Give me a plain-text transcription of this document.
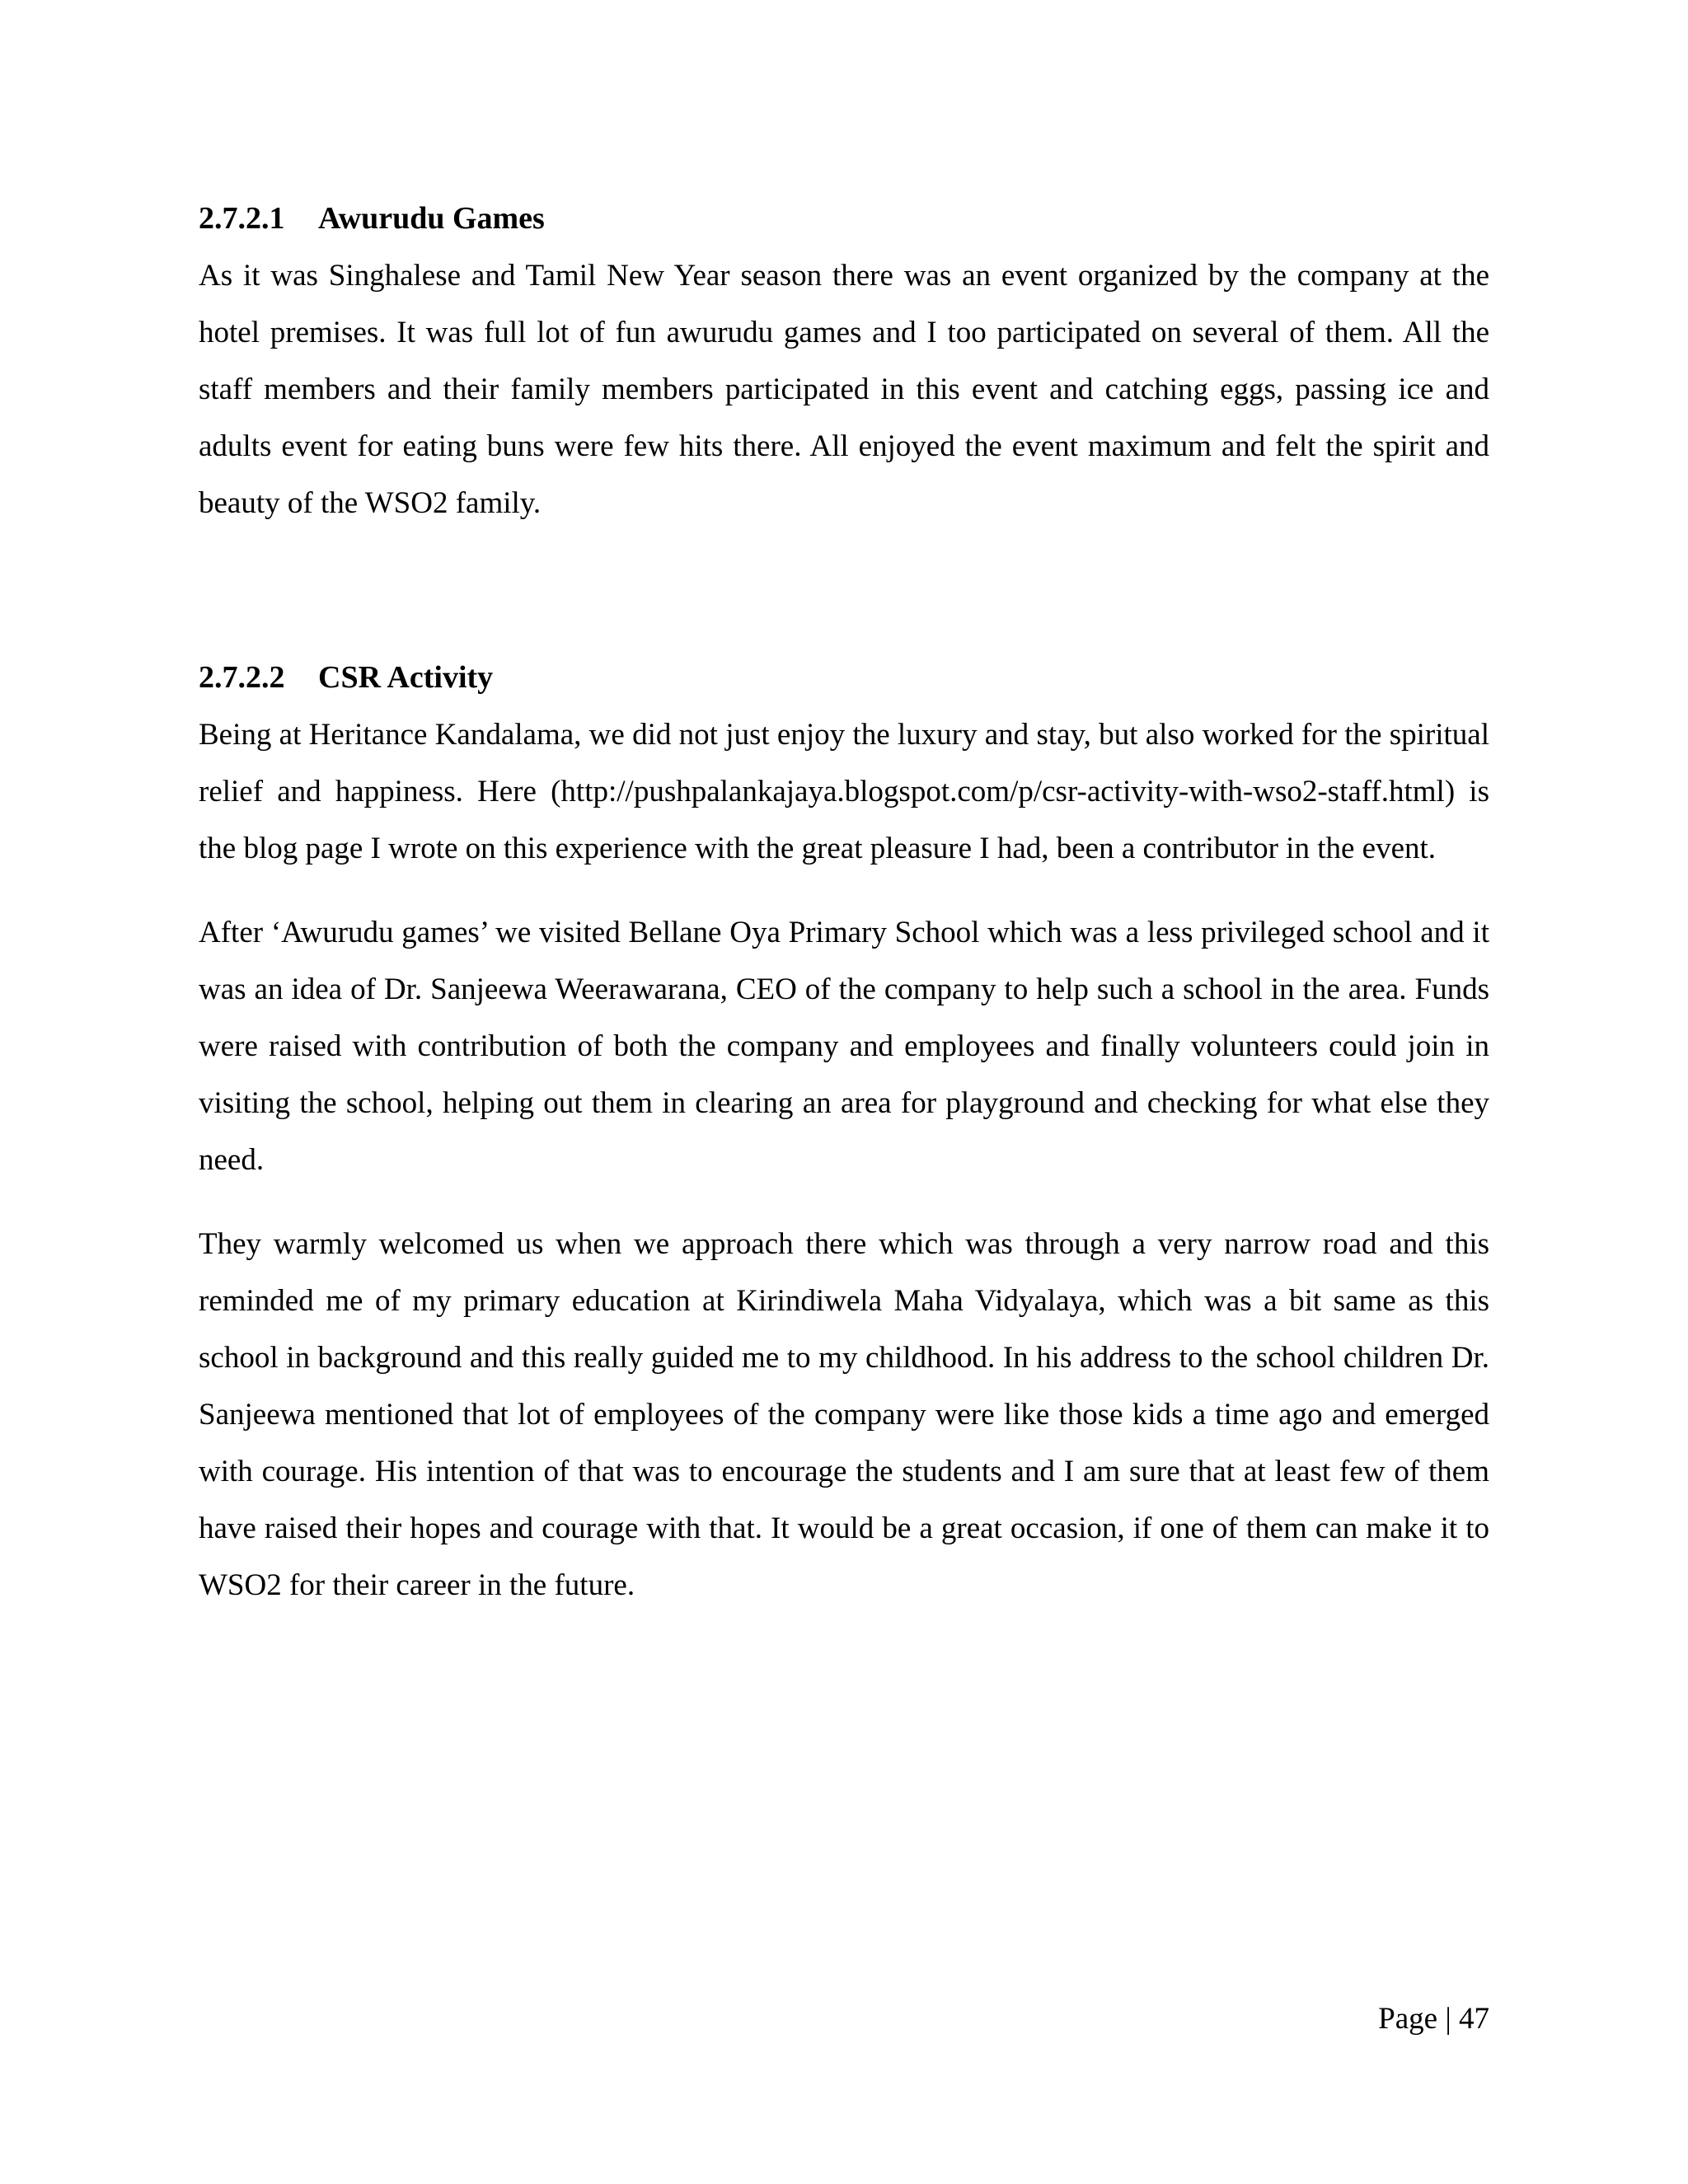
2.7.2.1 Awurudu Games

As it was Singhalese and Tamil New Year season there was an event organized by the company at the hotel premises. It was full lot of fun awurudu games and I too participated on several of them. All the staff members and their family members participated in this event and catching eggs, passing ice and adults event for eating buns were few hits there. All enjoyed the event maximum and felt the spirit and beauty of the WSO2 family.

2.7.2.2 CSR Activity

Being at Heritance Kandalama, we did not just enjoy the luxury and stay, but also worked for the spiritual relief and happiness. Here (http://pushpalankajaya.blogspot.com/p/csr-activity-with-wso2-staff.html) is the blog page I wrote on this experience with the great pleasure I had, been a contributor in the event.

After ‘Awurudu games’ we visited Bellane Oya Primary School which was a less privileged school and it was an idea of Dr. Sanjeewa Weerawarana, CEO of the company to help such a school in the area. Funds were raised with contribution of both the company and employees and finally volunteers could join in visiting the school, helping out them in clearing an area for playground and checking for what else they need.

They warmly welcomed us when we approach there which was through a very narrow road and this reminded me of my primary education at Kirindiwela Maha Vidyalaya, which was a bit same as this school in background and this really guided me to my childhood. In his address to the school children Dr. Sanjeewa mentioned that lot of employees of the company were like those kids a time ago and emerged with courage. His intention of that was to encourage the students and I am sure that at least few of them have raised their hopes and courage with that. It would be a great occasion, if one of them can make it to WSO2 for their career in the future.

Page | 47
